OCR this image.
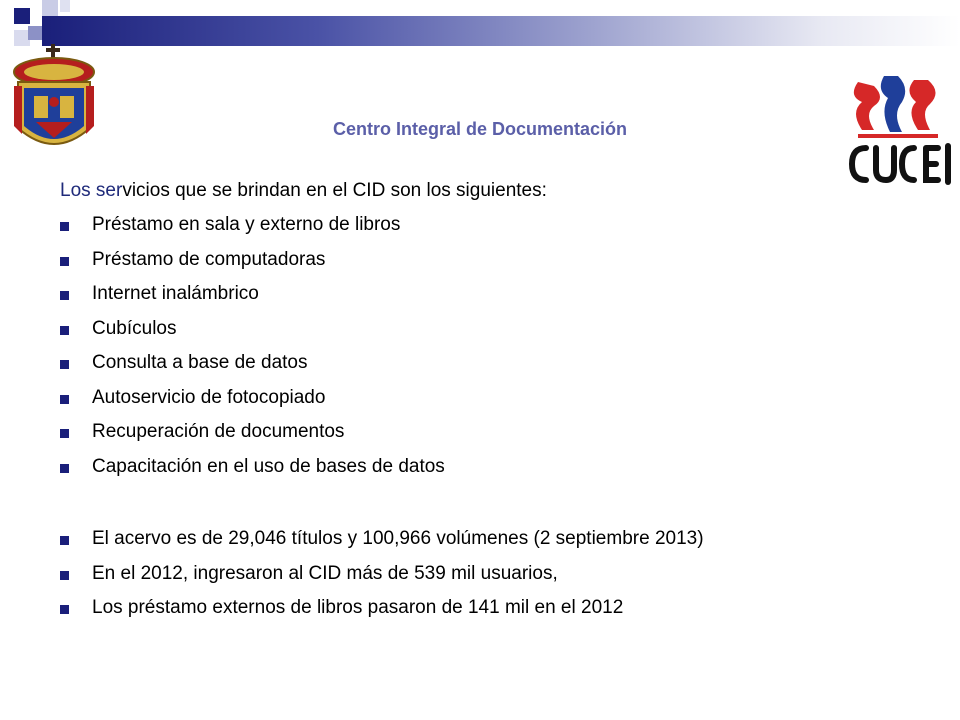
Centro Integral de Documentación
Los servicios que se brindan en el CID son los siguientes:
Préstamo en sala y externo de libros
Préstamo de computadoras
Internet inalámbrico
Cubículos
Consulta a base de datos
Autoservicio de fotocopiado
Recuperación de documentos
Capacitación en el uso de bases de datos
El acervo es de 29,046 títulos y 100,966 volúmenes (2 septiembre 2013)
En el 2012, ingresaron al CID más de 539 mil usuarios,
Los préstamo externos de libros pasaron de 141 mil en el 2012
